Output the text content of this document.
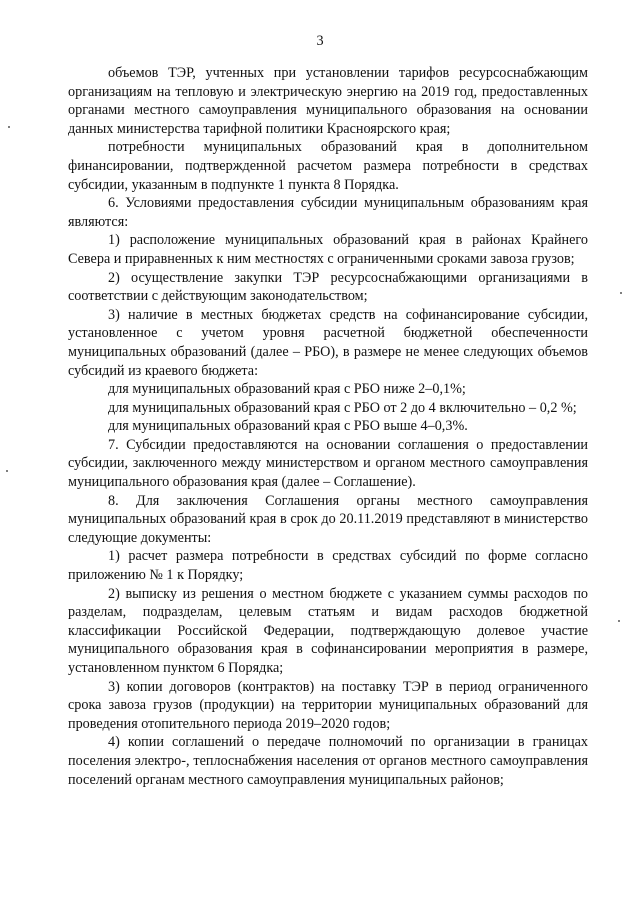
3

объемов ТЭР, учтенных при установлении тарифов ресурсоснабжающим организациям на тепловую и электрическую энергию на 2019 год, предоставленных органами местного самоуправления муниципального образования на основании данных министерства тарифной политики Красноярского края;

потребности муниципальных образований края в дополнительном финансировании, подтвержденной расчетом размера потребности в средствах субсидии, указанным в подпункте 1 пункта 8 Порядка.

6. Условиями предоставления субсидии муниципальным образованиям края являются:

1) расположение муниципальных образований края в районах Крайнего Севера и приравненных к ним местностях с ограниченными сроками завоза грузов;

2) осуществление закупки ТЭР ресурсоснабжающими организациями в соответствии с действующим законодательством;

3) наличие в местных бюджетах средств на софинансирование субсидии, установленное с учетом уровня расчетной бюджетной обеспеченности муниципальных образований (далее – РБО), в размере не менее следующих объемов субсидий из краевого бюджета:

для муниципальных образований края с РБО ниже 2–0,1%;

для муниципальных образований края с РБО от 2 до 4 включительно – 0,2 %;

для муниципальных образований края с РБО выше 4–0,3%.

7. Субсидии предоставляются на основании соглашения о предоставлении субсидии, заключенного между министерством и органом местного самоуправления муниципального образования края (далее – Соглашение).

8. Для заключения Соглашения органы местного самоуправления муниципальных образований края в срок до 20.11.2019 представляют в министерство следующие документы:

1) расчет размера потребности в средствах субсидий по форме согласно приложению № 1 к Порядку;

2) выписку из решения о местном бюджете с указанием суммы расходов по разделам, подразделам, целевым статьям и видам расходов бюджетной классификации Российской Федерации, подтверждающую долевое участие муниципального образования края в софинансировании мероприятия в размере, установленном пунктом 6 Порядка;

3) копии договоров (контрактов) на поставку ТЭР в период ограниченного срока завоза грузов (продукции) на территории муниципальных образований для проведения отопительного периода 2019–2020 годов;

4) копии соглашений о передаче полномочий по организации в границах поселения электро-, теплоснабжения населения от органов местного самоуправления поселений органам местного самоуправления муниципальных районов;
